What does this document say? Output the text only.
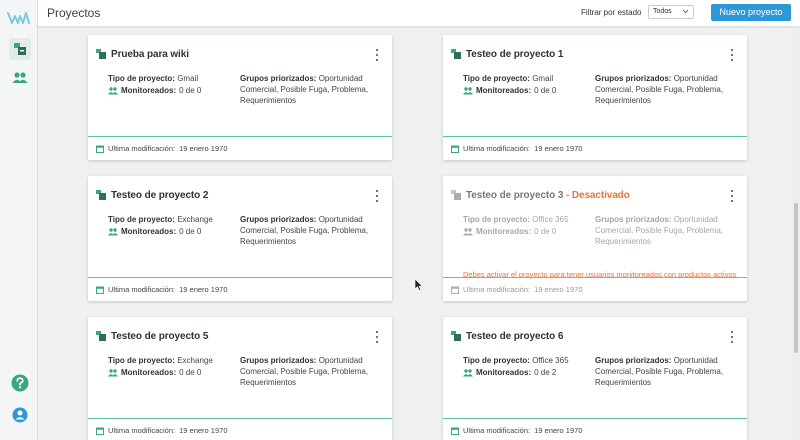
Proyectos	Filtrar por estado	Todos	Nuevo proyecto
Prueba para wiki
Tipo de proyecto: Gmail
Monitoreados: 0 de 0
Grupos priorizados: Oportunidad Comercial, Posible Fuga, Problema, Requerimientos
Ultima modificación: 19 enero 1970
Testeo de proyecto 1
Tipo de proyecto: Gmail
Monitoreados: 0 de 0
Grupos priorizados: Oportunidad Comercial, Posible Fuga, Problema, Requerimientos
Ultima modificación: 19 enero 1970
Testeo de proyecto 2
Tipo de proyecto: Exchange
Monitoreados: 0 de 0
Grupos priorizados: Oportunidad Comercial, Posible Fuga, Problema, Requerimientos
Ultima modificación: 19 enero 1970
Testeo de proyecto 3 - Desactivado
Tipo de proyecto: Office 365
Monitoreados: 0 de 0
Grupos priorizados: Oportunidad Comercial, Posible Fuga, Problema, Requerimientos
Debes activar el proyecto para tener usuarios monitoreados con productos activos
Ultima modificación: 19 enero 1970
Testeo de proyecto 5
Tipo de proyecto: Exchange
Monitoreados: 0 de 0
Grupos priorizados: Oportunidad Comercial, Posible Fuga, Problema, Requerimientos
Ultima modificación: 19 enero 1970
Testeo de proyecto 6
Tipo de proyecto: Office 365
Monitoreados: 0 de 2
Grupos priorizados: Oportunidad Comercial, Posible Fuga, Problema, Requerimientos
Ultima modificación: 19 enero 1970
